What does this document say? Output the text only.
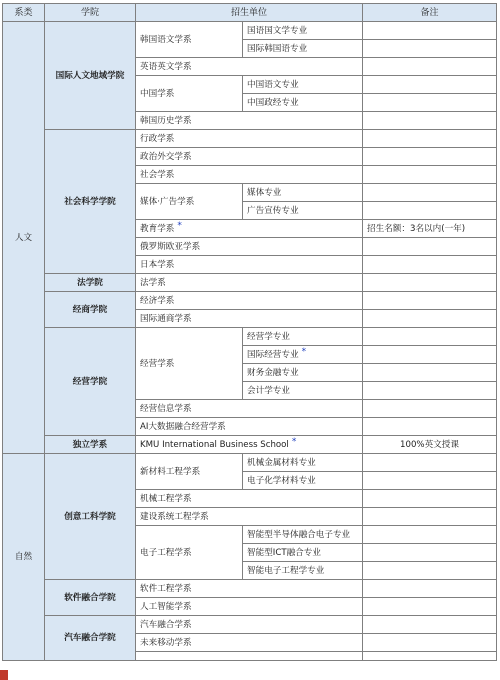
系类	学院	招生单位		备注
人文	国际人文地域学院	韩国语文学系	国语国文学专业	
			国际韩国语专业	
		英语英文学系		
		中国学系	中国语文专业	
			中国政经专业	
		韩国历史学系		
	社会科学学院	行政学系		
		政治外交学系		
		社会学系		
		媒体·广告学系	媒体专业	
			广告宣传专业	
		教育学系 *		招生名额：3名以内(一年)
		俄罗斯欧亚学系		
		日本学系		
	法学院	法学系		
	经商学院	经济学系		
		国际通商学系		
	经营学院	经营学系	经营学专业	
			国际经营专业 *	
			财务金融专业	
			会计学专业	
		经营信息学系		
		AI大数据融合经营学系		
	独立学系	KMU International Business School *		100%英文授课
自然	创意工科学院	新材料工程学系	机械金属材料专业	
			电子化学材料专业	
		机械工程学系		
		建设系统工程学系		
		电子工程学系	智能型半导体融合电子专业	
			智能型ICT融合专业	
			智能电子工程学专业	
	软件融合学院	软件工程学系		
		人工智能学系		
	汽车融合学院	汽车融合学系		
		未来移动学系		
